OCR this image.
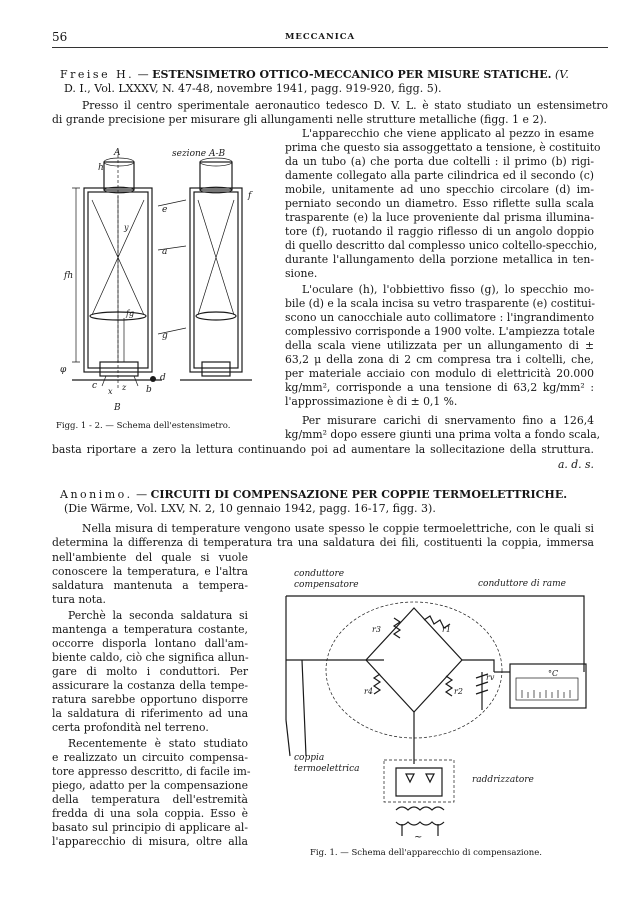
56	MECCANICA
Freise H. — ESTENSIMETRO OTTICO-MECCANICO PER MISURE STATICHE. (V.
D. I., Vol. LXXXV, N. 47-48, novembre 1941, pagg. 919-920, figg. 5).
Presso il centro sperimentale aeronautico tedesco D. V. L. è stato studiato un estensimetro
di grande precisione per misurare gli allungamenti nelle strutture metalliche (figg. 1 e 2).
L'apparecchio che viene applicato al pezzo in esame
prima che questo sia assoggettato a tensione, è costituito
da un tubo (a) che porta due coltelli : il primo (b) rigi-
damente collegato alla parte cilindrica ed il secondo (c)
mobile, unitamente ad uno specchio circolare (d) im-
perniato secondo un diametro. Esso riflette sulla scala
trasparente (e) la luce proveniente dal prisma illumina-
tore (f), ruotando il raggio riflesso di un angolo doppio
di quello descritto dal complesso unico coltello-specchio,
durante l'allungamento della porzione metallica in ten-
sione.
L'oculare (h), l'obbiettivo fisso (g), lo specchio mo-
bile (d) e la scala incisa su vetro trasparente (e) costitui-
scono un canocchiale auto collimatore : l'ingrandimento
complessivo corrisponde a 1900 volte. L'ampiezza totale
della scala viene utilizzata per un allungamento di ±
63,2 μ della zona di 2 cm compresa tra i coltelli, che,
per materiale acciaio con modulo di elettricità 20.000
kg/mm², corrisponde a una tensione di 63,2 kg/mm² :
l'approssimazione è di ± 0,1 %.
Per misurare carichi di snervamento fino a 126,4
kg/mm² dopo essere giunti una prima volta a fondo scala,
basta riportare a zero la lettura continuando poi ad aumentare la sollecitazione della struttura.
a. d. s.
A
h
sezione A-B
f
e
a
g
fh
fg
φ
c	b
d
z
x
y
B
Figg. 1 - 2. — Schema dell'estensimetro.
Anonimo. — CIRCUITI DI COMPENSAZIONE PER COPPIE TERMOELETTRICHE.
(Die Wärme, Vol. LXV, N. 2, 10 gennaio 1942, pagg. 16-17, figg. 3).
Nella misura di temperature vengono usate spesso le coppie termoelettriche, con le quali si
determina la differenza di temperatura tra una saldatura dei fili, costituenti la coppia, immersa
nell'ambiente del quale si vuole
conoscere la temperatura, e l'altra
saldatura mantenuta a tempera-
tura nota.
Perchè la seconda saldatura si
mantenga a temperatura costante,
occorre disporla lontano dall'am-
biente caldo, ciò che significa allun-
gare di molto i conduttori. Per
assicurare la costanza della tempe-
ratura sarebbe opportuno disporre
la saldatura di riferimento ad una
certa profondità nel terreno.
Recentemente è stato studiato
e realizzato un circuito compensa-
tore appresso descritto, di facile im-
piego, adatto per la compensazione
della temperatura dell'estremità
fredda di una sola coppia. Esso è
basato sul principio di applicare al-
l'apparecchio di misura, oltre alla
conduttore
compensatore	conduttore di rame
r1
r2
r3
r4
rv	°C
coppia
termoelettrica
raddrizzatore
~
Fig. 1. — Schema dell'apparecchio di compensazione.
